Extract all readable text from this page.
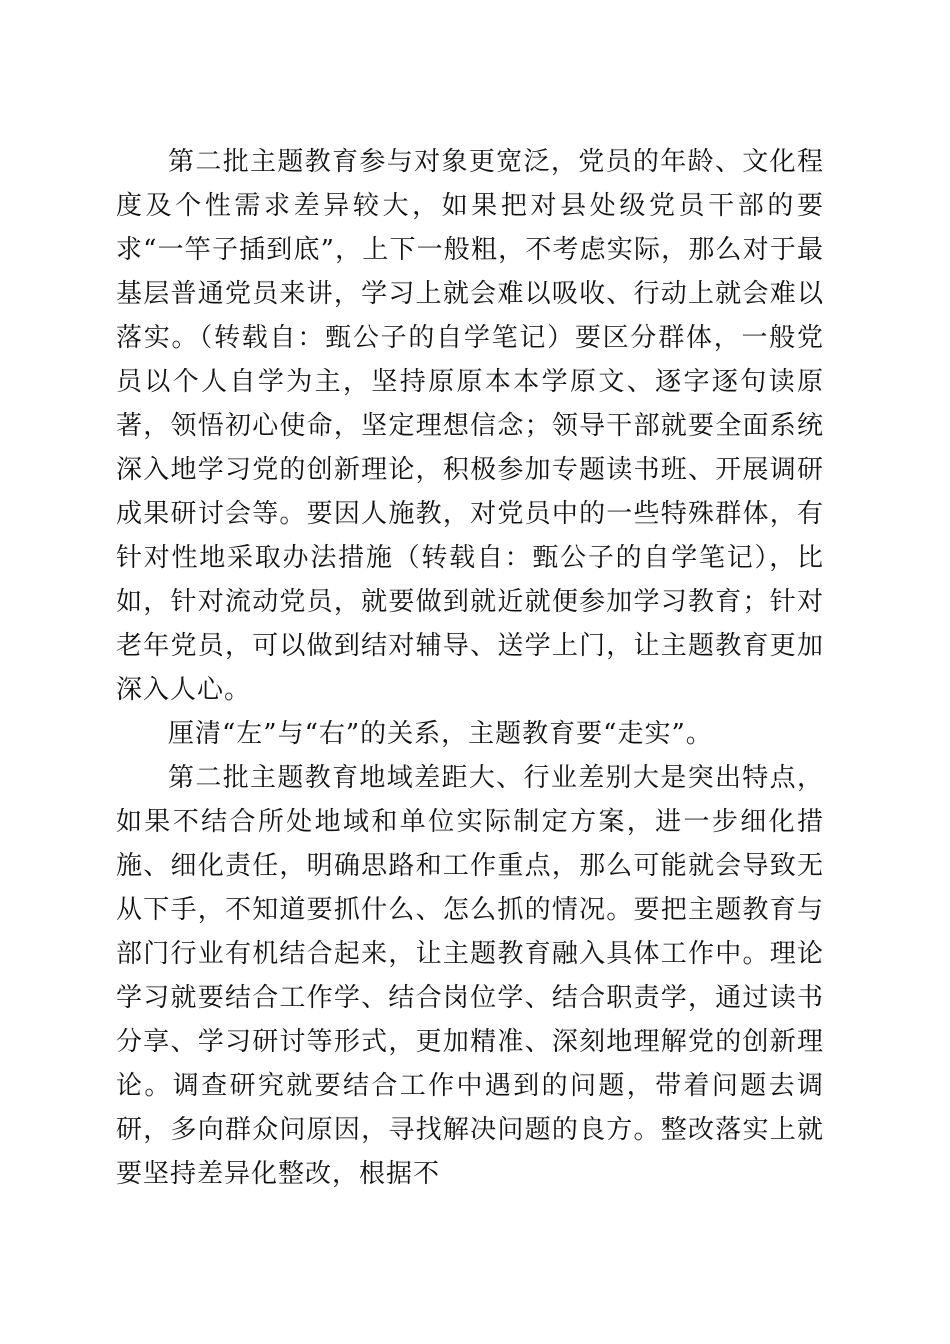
第二批主题教育参与对象更宽泛，党员的年龄、文化程度及个性需求差异较大，如果把对县处级党员干部的要求“一竿子插到底”，上下一般粗，不考虑实际，那么对于最基层普通党员来讲，学习上就会难以吸收、行动上就会难以落实。（转载自：甄公子的自学笔记）要区分群体，一般党员以个人自学为主，坚持原原本本学原文、逐字逐句读原著，领悟初心使命，坚定理想信念；领导干部就要全面系统深入地学习党的创新理论，积极参加专题读书班、开展调研成果研讨会等。要因人施教，对党员中的一些特殊群体，有针对性地采取办法措施（转载自：甄公子的自学笔记），比如，针对流动党员，就要做到就近就便参加学习教育；针对老年党员，可以做到结对辅导、送学上门，让主题教育更加深入人心。

厘清“左”与“右”的关系，主题教育要“走实”。

第二批主题教育地域差距大、行业差别大是突出特点，如果不结合所处地域和单位实际制定方案，进一步细化措施、细化责任，明确思路和工作重点，那么可能就会导致无从下手，不知道要抓什么、怎么抓的情况。要把主题教育与部门行业有机结合起来，让主题教育融入具体工作中。理论学习就要结合工作学、结合岗位学、结合职责学，通过读书分享、学习研讨等形式，更加精准、深刻地理解党的创新理论。调查研究就要结合工作中遇到的问题，带着问题去调研，多向群众问原因，寻找解决问题的良方。整改落实上就要坚持差异化整改，根据不
